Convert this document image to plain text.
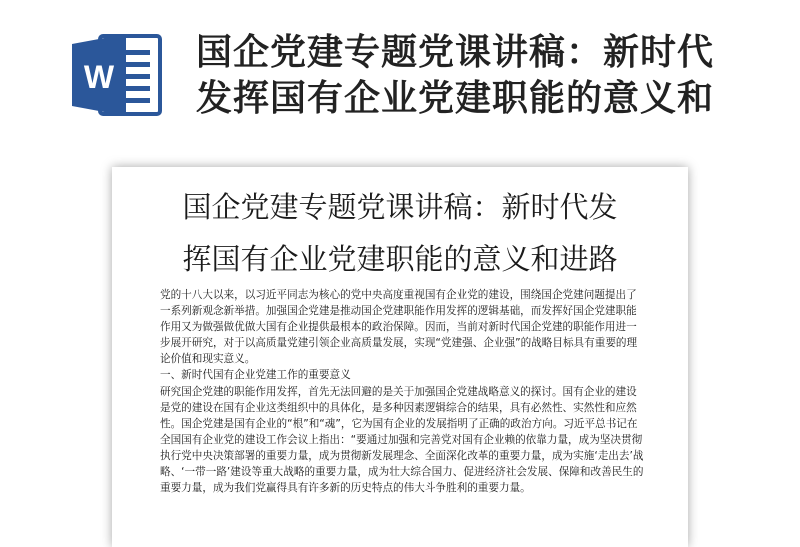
W
国企党建专题党课讲稿：新时代
发挥国有企业党建职能的意义和
国企党建专题党课讲稿：新时代发
挥国有企业党建职能的意义和进路

党的十八大以来，以习近平同志为核心的党中央高度重视国有企业党的建设，围绕国企党建问题提出了一系列新观念新举措。加强国企党建是推动国企党建职能作用发挥的逻辑基础，而发挥好国企党建职能作用又为做强做优做大国有企业提供最根本的政治保障。因而，当前对新时代国企党建的职能作用进一步展开研究，对于以高质量党建引领企业高质量发展，实现“党建强、企业强”的战略目标具有重要的理论价值和现实意义。

一、新时代国有企业党建工作的重要意义

研究国企党建的职能作用发挥，首先无法回避的是关于加强国企党建战略意义的探讨。国有企业的建设是党的建设在国有企业这类组织中的具体化，是多种因素逻辑综合的结果，具有必然性、实然性和应然性。国企党建是国有企业的“根”和“魂”，它为国有企业的发展指明了正确的政治方向。习近平总书记在全国国有企业党的建设工作会议上指出：“要通过加强和完善党对国有企业赖的依靠力量，成为坚决贯彻执行党中央决策部署的重要力量，成为贯彻新发展理念、全面深化改革的重要力量，成为实施‘走出去’战略、‘一带一路’建设等重大战略的重要力量，成为壮大综合国力、促进经济社会发展、保障和改善民生的重要力量，成为我们党赢得具有许多新的历史特点的伟大斗争胜利的重要力量。
